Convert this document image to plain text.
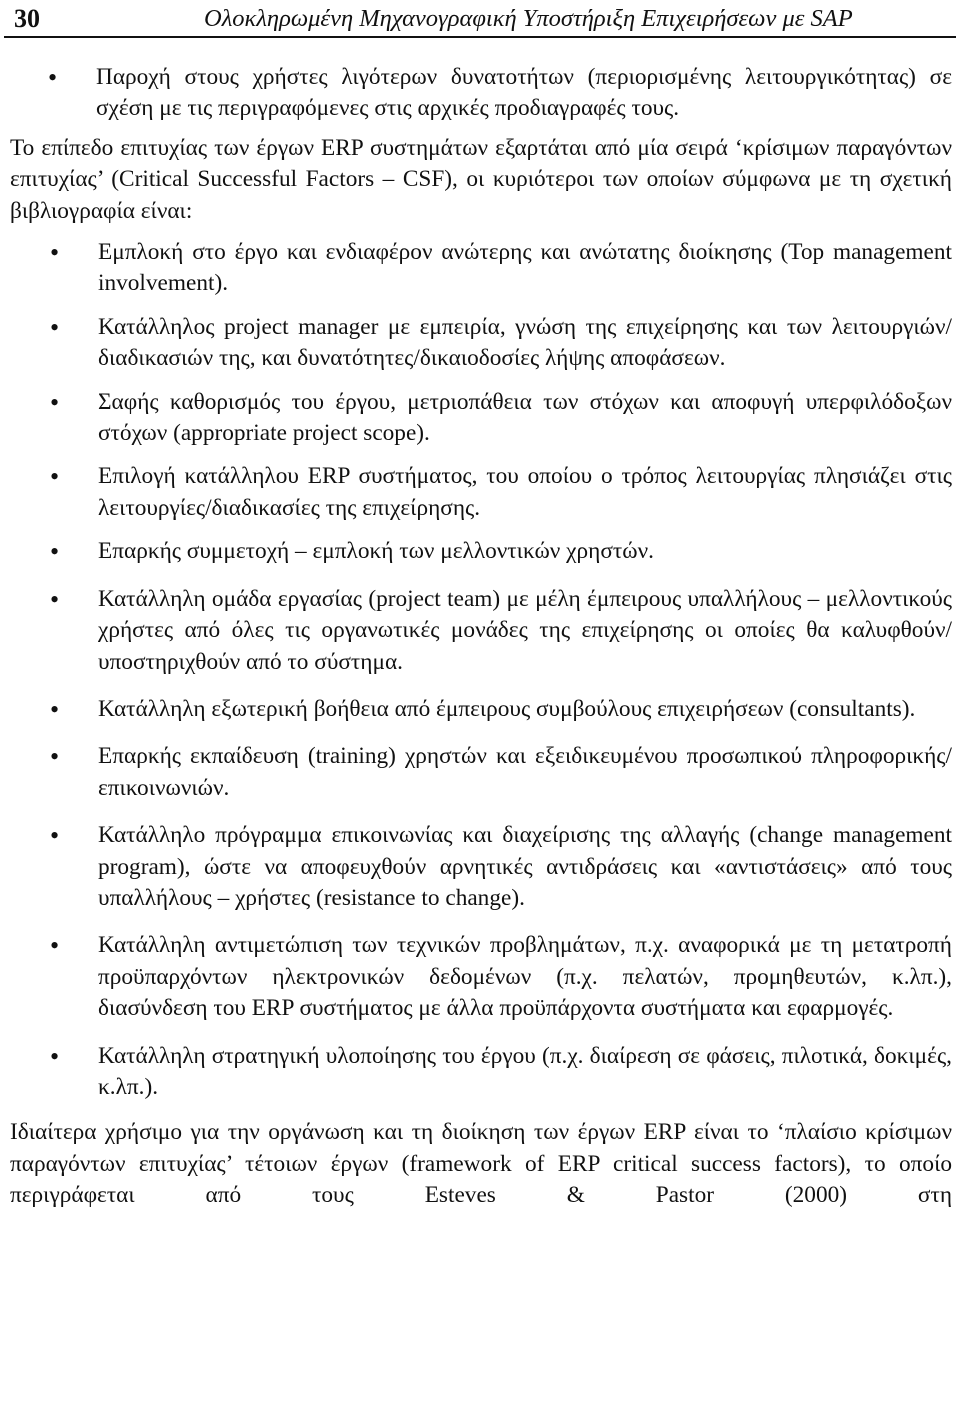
30	Ολοκληρωμένη Μηχανογραφική Υποστήριξη Επιχειρήσεων με SAP

• Παροχή στους χρήστες λιγότερων δυνατοτήτων (περιορισμένης λειτουργικότητας) σε σχέση με τις περιγραφόμενες στις αρχικές προδιαγραφές τους.

Το επίπεδο επιτυχίας των έργων ERP συστημάτων εξαρτάται από μία σειρά ‘κρίσιμων παραγόντων επιτυχίας’ (Critical Successful Factors – CSF), οι κυριότεροι των οποίων σύμφωνα με τη σχετική βιβλιογραφία είναι:

• Εμπλοκή στο έργο και ενδιαφέρον ανώτερης και ανώτατης διοίκησης (Top management involvement).

• Κατάλληλος project manager με εμπειρία, γνώση της επιχείρησης και των λειτουργιών/διαδικασιών της, και δυνατότητες/δικαιοδοσίες λήψης αποφάσεων.

• Σαφής καθορισμός του έργου, μετριοπάθεια των στόχων και αποφυγή υπερφιλόδοξων στόχων (appropriate project scope).

• Επιλογή κατάλληλου ERP συστήματος, του οποίου ο τρόπος λειτουργίας πλησιάζει στις λειτουργίες/διαδικασίες της επιχείρησης.

• Επαρκής συμμετοχή – εμπλοκή των μελλοντικών χρηστών.

• Κατάλληλη ομάδα εργασίας (project team) με μέλη έμπειρους υπαλλήλους – μελλοντικούς χρήστες από όλες τις οργανωτικές μονάδες της επιχείρησης οι οποίες θα καλυφθούν/υποστηριχθούν από το σύστημα.

• Κατάλληλη εξωτερική βοήθεια από έμπειρους συμβούλους επιχειρήσεων (consultants).

• Επαρκής εκπαίδευση (training) χρηστών και εξειδικευμένου προσωπικού πληροφορικής/επικοινωνιών.

• Κατάλληλο πρόγραμμα επικοινωνίας και διαχείρισης της αλλαγής (change management program), ώστε να αποφευχθούν αρνητικές αντιδράσεις και «αντιστάσεις» από τους υπαλλήλους – χρήστες (resistance to change).

• Κατάλληλη αντιμετώπιση των τεχνικών προβλημάτων, π.χ. αναφορικά με τη μετατροπή προϋπαρχόντων ηλεκτρονικών δεδομένων (π.χ. πελατών, προμηθευτών, κ.λπ.), διασύνδεση του ERP συστήματος με άλλα προϋπάρχοντα συστήματα και εφαρμογές.

• Κατάλληλη στρατηγική υλοποίησης του έργου (π.χ. διαίρεση σε φάσεις, πιλοτικά, δοκιμές, κ.λπ.).

Ιδιαίτερα χρήσιμο για την οργάνωση και τη διοίκηση των έργων ERP είναι το ‘πλαίσιο κρίσιμων παραγόντων επιτυχίας’ τέτοιων έργων (framework of ERP critical success factors), το οποίο περιγράφεται από τους Esteves & Pastor (2000) στη
